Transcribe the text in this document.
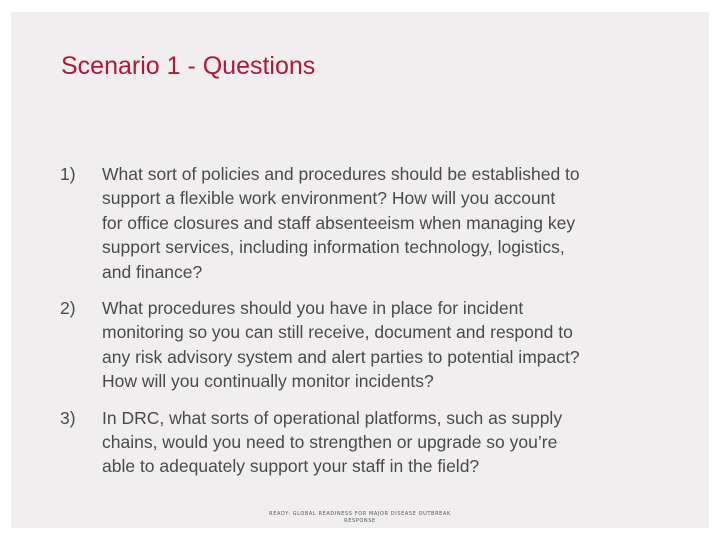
Scenario 1 - Questions
1) What sort of policies and procedures should be established to
support a flexible work environment? How will you account
for office closures and staff absenteeism when managing key
support services, including information technology, logistics,
and finance?
2) What procedures should you have in place for incident
monitoring so you can still receive, document and respond to
any risk advisory system and alert parties to potential impact?
How will you continually monitor incidents?
3) In DRC, what sorts of operational platforms, such as supply
chains, would you need to strengthen or upgrade so you’re
able to adequately support your staff in the field?
READY: GLOBAL READINESS FOR MAJOR DISEASE OUTBREAK
RESPONSE
